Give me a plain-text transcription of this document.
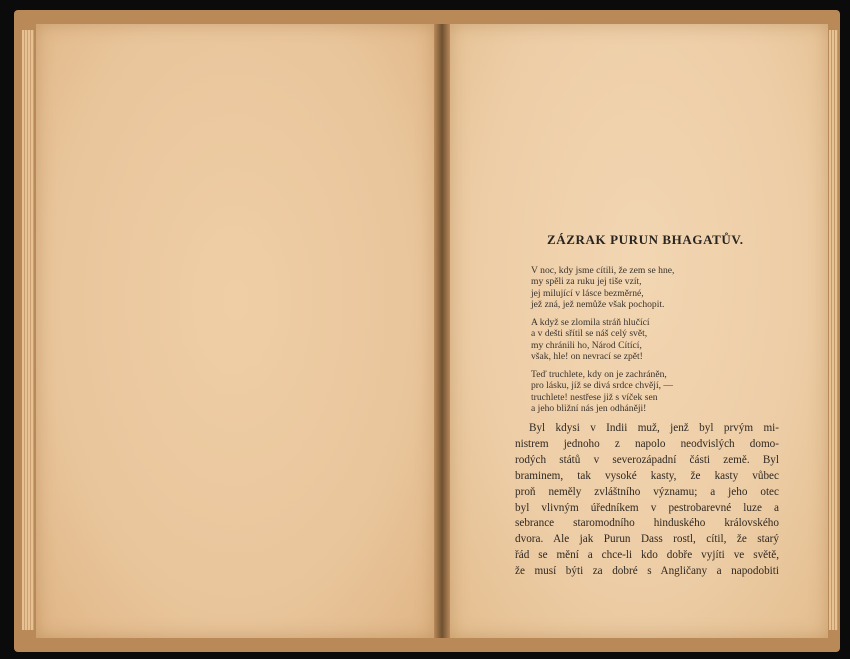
ZÁZRAK PURUN BHAGATŮV.
V noc, kdy jsme cítili, že zem se hne,
my spěli za ruku jej tiše vzít,
jej milující v lásce bezměrné,
jež zná, jež nemůže však pochopit.
A když se zlomila stráň hlučící
a v dešti sřítil se náš celý svět,
my chránili ho, Národ Cítící,
však, hle! on nevrací se zpět!
Teď truchlete, kdy on je zachráněn,
pro lásku, jíž se divá srdce chvějí, —
truchlete! nestřese již s víček sen
a jeho bližní nás jen odháněji!
Byl kdysi v Indii muž, jenž byl prvým mi-
nistrem jednoho z napolo neodvislých domo-
rodých států v severozápadní části země. Byl
braminem, tak vysoké kasty, že kasty vůbec
proň neměly zvláštního významu; a jeho otec
byl vlivným úředníkem v pestrobarevné luze a
sebrance staromodního hinduského královského
dvora. Ale jak Purun Dass rostl, cítil, že starý
řád se mění a chce-li kdo dobře vyjíti ve světě,
že musí býti za dobré s Angličany a napodobiti
